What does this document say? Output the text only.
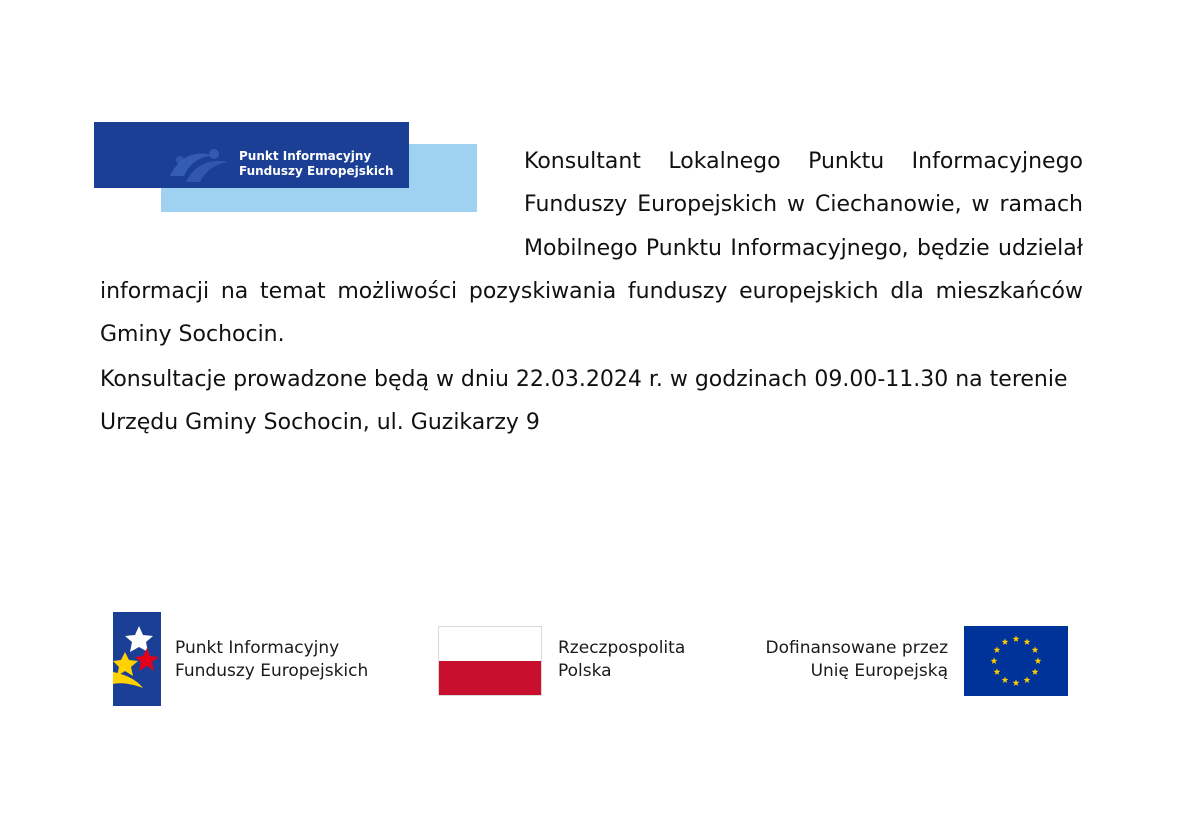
Punkt Informacyjny
Funduszy Europejskich	Konsultant Lokalnego Punktu Informacyjnego Funduszy Europejskich w Ciechanowie, w ramach Mobilnego Punktu Informacyjnego, będzie udzielał informacji na temat możliwości pozyskiwania funduszy europejskich dla mieszkańców Gminy Sochocin.

Konsultacje prowadzone będą w dniu 22.03.2024 r. w godzinach 09.00-11.30 na terenie Urzędu Gminy Sochocin, ul. Guzikarzy 9

Punkt Informacyjny
Funduszy Europejskich
Rzeczpospolita
Polska
Dofinansowane przez
Unię Europejską
